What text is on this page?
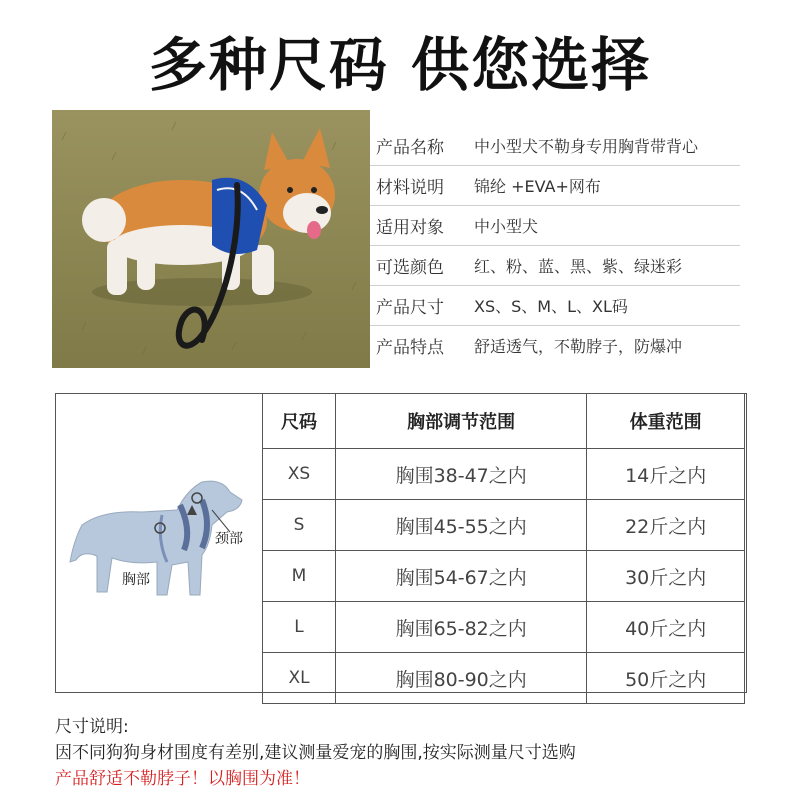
多种尺码 供您选择
产品名称	中小型犬不勒身专用胸背带背心
材料说明	锦纶 +EVA+网布
适用对象	中小型犬
可选颜色	红、粉、蓝、黑、紫、绿迷彩
产品尺寸	XS、S、M、L、XL码
产品特点	舒适透气，不勒脖子，防爆冲
颈部
胸部
尺码	胸部调节范围	体重范围
XS	胸围38-47之内	14斤之内
S	胸围45-55之内	22斤之内
M	胸围54-67之内	30斤之内
L	胸围65-82之内	40斤之内
XL	胸围80-90之内	50斤之内
尺寸说明:
因不同狗狗身材围度有差别,建议测量爱宠的胸围,按实际测量尺寸选购
产品舒适不勒脖子！以胸围为准！
